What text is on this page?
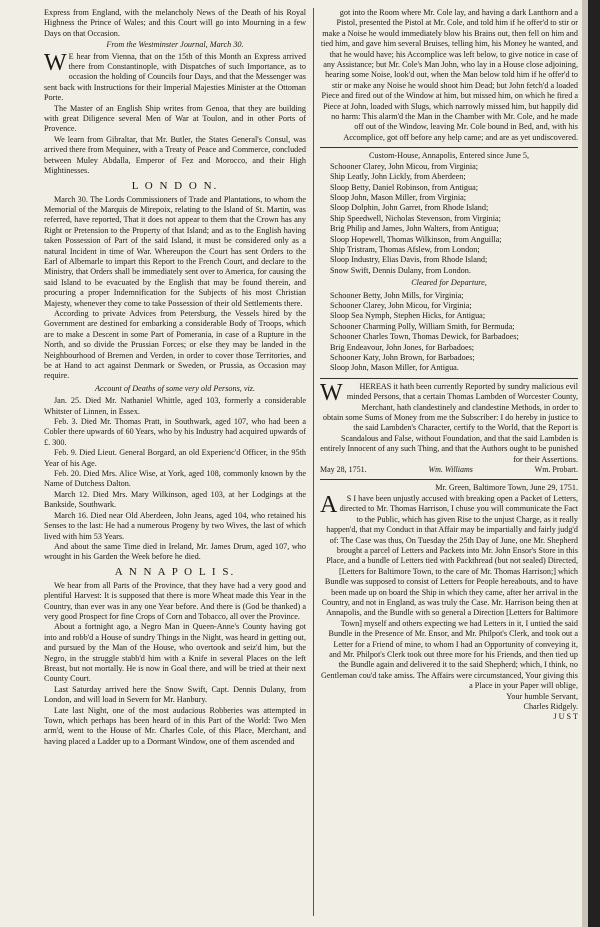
Express from England, with the melancholy News of the Death of his Royal Highness the Prince of Wales; and this Court will go into Mourning in a few Days on that Occasion.

From the Westminster Journal, March 30.

W E hear from Vienna, that on the 15th of this Month an Express arrived there from Constantinople, with Dispatches of such Importance, as to occasion the holding of Councils four Days, and that the Messenger was sent back with Instructions for their Imperial Majesties Minister at the Ottoman Porte.

The Master of an English Ship writes from Genoa, that they are building with great Diligence several Men of War at Toulon, and in other Ports of Provence.

We learn from Gibraltar, that Mr. Butler, the States General's Consul, was arrived there from Mequinez, with a Treaty of Peace and Commerce, concluded between Muley Abdalla, Emperor of Fez and Morocco, and their High Mightinesses.

L O N D O N.

March 30. The Lords Commissioners of Trade and Plantations, to whom the Memorial of the Marquis de Mirepoix, relating to the Island of St. Martin, was referred, have reported, That it does not appear to them that the Crown has any Right or Pretension to the Property of that Island; and as to the English having taken Possession of Part of the said Island, it must be considered only as a natural Incident in time of War. Whereupon the Court has sent Orders to the Earl of Albemarle to impart this Report to the French Court, and declare to the Ministry, that Orders shall be immediately sent over to America, for causing the said Island to be evacuated by the English that may be found therein, and procuring a proper Indemnification for the Subjects of his most Christian Majesty, whenever they come to take Possession of their old Settlements there.

According to private Advices from Petersburg, the Vessels hired by the Government are destined for embarking a considerable Body of Troops, which are to make a Descent in some Part of Pomerania, in case of a Rupture in the North, and so divide the Prussian Forces; or else they may be landed in the Neighbourhood of Bremen and Verden, in order to cover those Territories, and be at Hand to act against Denmark or Sweden, or Prussia, as Occasion may require.

Account of Deaths of some very old Persons, viz.

Jan. 25. Died Mr. Nathaniel Whittle, aged 103, formerly a considerable Whitster of Linnen, in Essex.

Feb. 3. Died Mr. Thomas Pratt, in Southwark, aged 107, who had been a Cobler there upwards of 60 Years, who by his Industry had acquired upwards of £. 300.

Feb. 9. Died Lieut. General Borgard, an old Experienc'd Officer, in the 95th Year of his Age.

Feb. 20. Died Mrs. Alice Wise, at York, aged 108, commonly known by the Name of Dutchess Dalton.

March 12. Died Mrs. Mary Wilkinson, aged 103, at her Lodgings at the Bankside, Southwark.

March 16. Died near Old Aberdeen, John Jeans, aged 104, who retained his Senses to the last: He had a numerous Progeny by two Wives, the last of which lived with him 53 Years.

And about the same Time died in Ireland, Mr. James Drum, aged 107, who wrought in his Garden the Week before he died.

A N N A P O L I S.

We hear from all Parts of the Province, that they have had a very good and plentiful Harvest: It is supposed that there is more Wheat made this Year in the Country, than ever was in any one Year before. And there is (God be thanked) a very good Prospect for fine Crops of Corn and Tobacco, all over the Province.

About a fortnight ago, a Negro Man in Queen-Anne's County having got into and robb'd a House of sundry Things in the Night, was heard in getting out, and pursued by the Man of the House, who overtook and seiz'd him, but the Negro, in the struggle stabb'd him with a Knife in several Places on the left Breast, but not mortally. He is now in Goal there, and will be tried at their next County Court.

Last Saturday arrived here the Snow Swift, Capt. Dennis Dulany, from London, and will load in Severn for Mr. Hanbury.

Late last Night, one of the most audacious Robberies was attempted in Town, which perhaps has been heard of in this Part of the World: Two Men arm'd, went to the House of Mr. Charles Cole, of this Place, Merchant, and having placed a Ladder up to a Dormant Window, one of them ascended and

got into the Room where Mr. Cole lay, and having a dark Lanthorn and a Pistol, presented the Pistol at Mr. Cole, and told him if he offer'd to stir or make a Noise he would immediately blow his Brains out, then fell on him and tied him, and gave him several Bruises, telling him, his Money he wanted, and that he would have; his Accomplice was left below, to give notice in case of any Assistance; but Mr. Cole's Man John, who lay in a House close adjoining, hearing some Noise, look'd out, when the Man below told him if he offer'd to stir or make any Noise he would shoot him Dead; but John fetch'd a loaded Piece and fired out of the Window at him, but missed him, on which he fired a Piece at John, loaded with Slugs, which narrowly missed him, but happily did no harm: This alarm'd the Man in the Chamber with Mr. Cole, and he made off out of the Window, leaving Mr. Cole bound in Bed, and, with his Accomplice, got off before any help came; and are as yet undiscovered.

Custom-House, Annapolis, Entered since June 5,

Schooner Clarey, John Micou, from Virginia;
Ship Leatly, John Lickly, from Aberdeen;
Sloop Betty, Daniel Robinson, from Antigua;
Sloop John, Mason Miller, from Virginia;
Sloop Dolphin, John Garret, from Rhode Island;
Ship Speedwell, Nicholas Stevenson, from Virginia;
Brig Philip and James, John Walters, from Antigua;
Sloop Hopewell, Thomas Wilkinson, from Anguilla;
Ship Tristram, Thomas Afslew, from London;
Sloop Industry, Elias Davis, from Rhode Island;
Snow Swift, Dennis Dulany, from London.

Cleared for Departure,

Schooner Betty, John Mills, for Virginia;
Schooner Clarey, John Micou, for Virginia;
Sloop Sea Nymph, Stephen Hicks, for Antigua;
Schooner Charming Polly, William Smith, for Bermuda;
Schooner Charles Town, Thomas Dewick, for Barbadoes;
Brig Endeavour, John Jones, for Barbadoes;
Schooner Katy, John Brown, for Barbadoes;
Sloop John, Mason Miller, for Antigua.

W HEREAS it hath been currently Reported by sundry malicious evil minded Persons, that a certain Thomas Lambden of Worcester County, Merchant, hath clandestinely and clandestine Methods, in order to obtain some Sums of Money from me the Subscriber: I do hereby in justice to the said Lambden's Character, certify to the World, that the Report is Scandalous and False, without Foundation, and that the said Lambden is entirely Innocent of any such Thing, and that the Authors ought to be punished for their Assertions.

May 28, 1751.	Wm. Williams	Wm. Probart.

Mr. Green, Baltimore Town, June 29, 1751.

A S I have been unjustly accused with breaking open a Packet of Letters, directed to Mr. Thomas Harrison, I chuse you will communicate the Fact to the Public, which has given Rise to the unjust Charge, as it really happen'd, that my Conduct in that Affair may be impartially and fairly judg'd of: The Case was thus, On Tuesday the 25th Day of June, one Mr. Shepherd brought a parcel of Letters and Packets into Mr. John Ensor's Store in this Place, and a bundle of Letters tied with Packthread (but not sealed) Directed, [Letters for Baltimore Town, to the care of Mr. Thomas Harrison;] which Bundle was supposed to consist of Letters for People hereabouts, and to have been made up on board the Ship in which they came, after her arrival in the Country, and not in England, as was truly the Case. Mr. Harrison being then at Annapolis, and the Bundle with so general a Direction [Letters for Baltimore Town] myself and others expecting we had Letters in it, I untied the said Bundle in the Presence of Mr. Ensor, and Mr. Philpot's Clerk, and took out a Letter for a Friend of mine, to whom I had an Opportunity of conveying it, and Mr. Philpot's Clerk took out three more for his Friends, and then tied up the Bundle again and delivered it to the said Shepherd; which, I think, no Gentleman cou'd take amiss. The Affairs were circumstanced, Your giving this a Place in your Paper will oblige,

Your humble Servant,

Charles Ridgely.

J U S T
